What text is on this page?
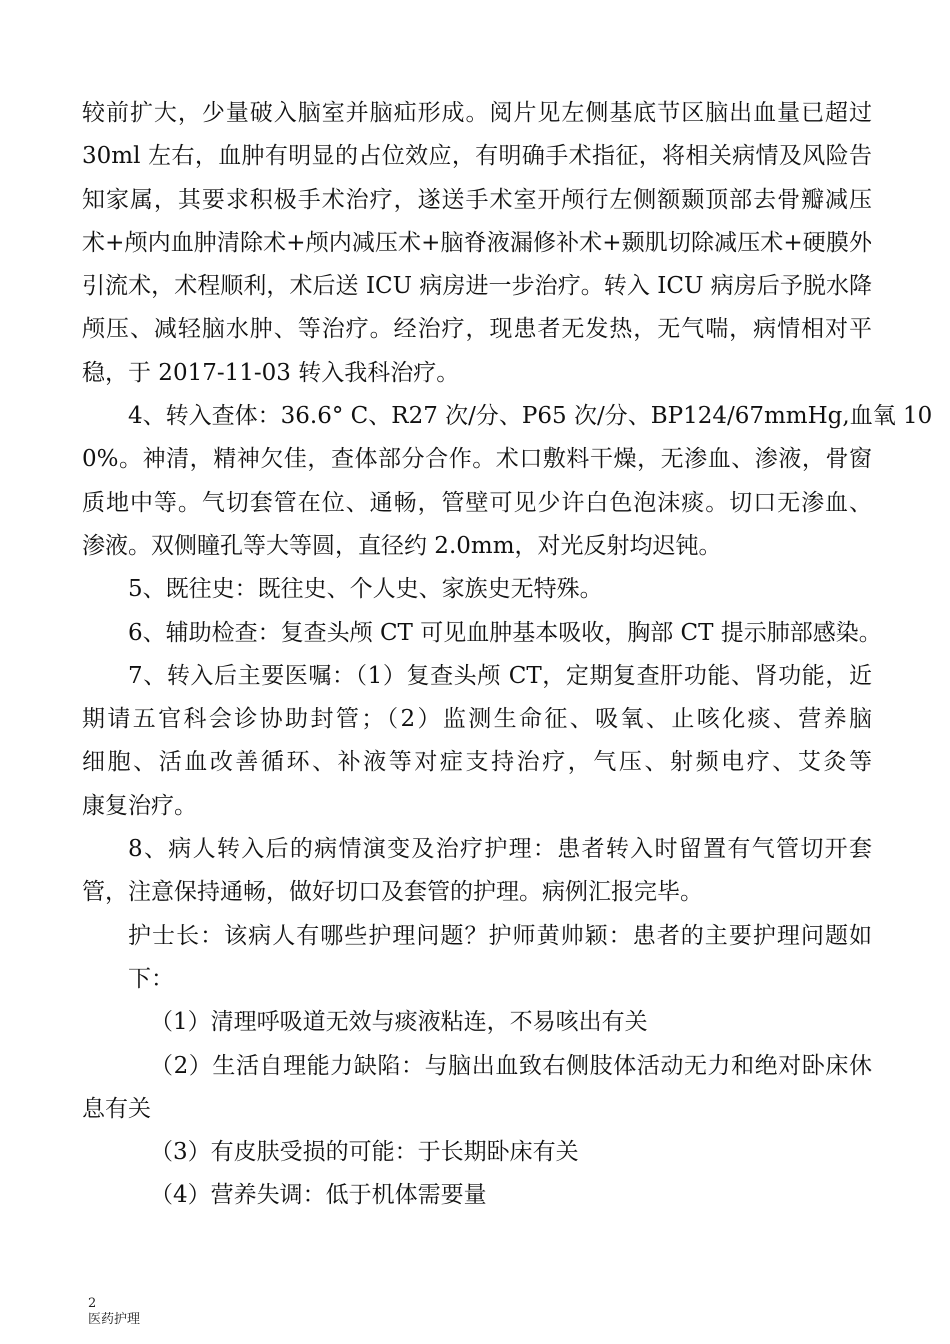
较前扩大，少量破入脑室并脑疝形成。阅片见左侧基底节区脑出血量已超过

30ml 左右，血肿有明显的占位效应，有明确手术指征，将相关病情及风险告

知家属，其要求积极手术治疗，遂送手术室开颅行左侧额颞顶部去骨瓣减压

术+颅内血肿清除术+颅内减压术+脑脊液漏修补术+颞肌切除减压术+硬膜外

引流术，术程顺利，术后送 ICU 病房进一步治疗。转入 ICU 病房后予脱水降

颅压、减轻脑水肿、等治疗。经治疗，现患者无发热，无气喘，病情相对平

稳，于 2017-11-03 转入我科治疗。

4、转入查体：36.6° C、R27 次/分、P65 次/分、BP124/67mmHg,血氧 10

0%。神清，精神欠佳，查体部分合作。术口敷料干燥，无渗血、渗液，骨窗

质地中等。气切套管在位、通畅，管壁可见少许白色泡沫痰。切口无渗血、

渗液。双侧瞳孔等大等圆，直径约 2.0mm，对光反射均迟钝。

5、既往史：既往史、个人史、家族史无特殊。

6、辅助检查：复查头颅 CT 可见血肿基本吸收，胸部 CT 提示肺部感染。

7、转入后主要医嘱：（1）复查头颅 CT，定期复查肝功能、肾功能，近

期请五官科会诊协助封管；（2）监测生命征、吸氧、止咳化痰、营养脑

细胞、活血改善循环、补液等对症支持治疗，气压、射频电疗、艾灸等

康复治疗。

8、病人转入后的病情演变及治疗护理：患者转入时留置有气管切开套

管，注意保持通畅，做好切口及套管的护理。病例汇报完毕。

护士长：该病人有哪些护理问题？护师黄帅颖：患者的主要护理问题如

下：

（1）清理呼吸道无效与痰液粘连，不易咳出有关

（2）生活自理能力缺陷：与脑出血致右侧肢体活动无力和绝对卧床休

息有关

（3）有皮肤受损的可能：于长期卧床有关

（4）营养失调：低于机体需要量

2
医药护理
